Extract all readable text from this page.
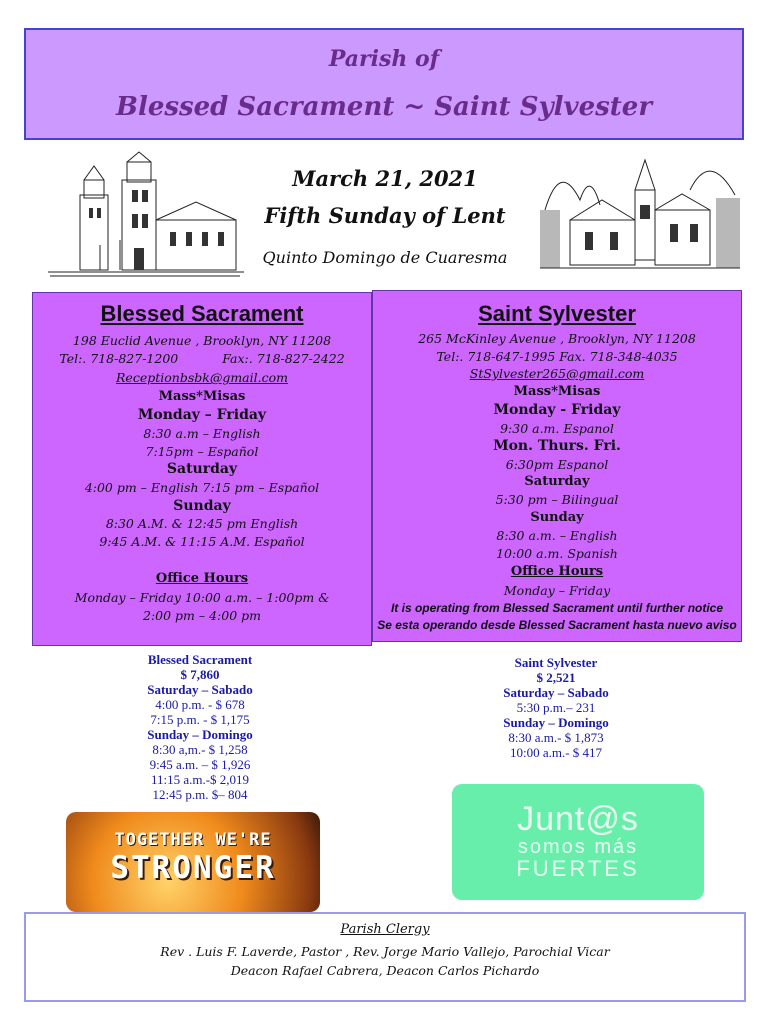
Parish of
Blessed Sacrament ~ Saint Sylvester
March 21, 2021
Fifth Sunday of Lent
Quinto Domingo de Cuaresma
Blessed Sacrament
198 Euclid Avenue , Brooklyn, NY 11208
Tel:. 718-827-1200	Fax:. 718-827-2422
Receptionbsbk@gmail.com
Mass*Misas
Monday – Friday
8:30 a.m – English
7:15pm – Español
Saturday
4:00 pm – English 7:15 pm – Español
Sunday
8:30 A.M. & 12:45 pm English
9:45 A.M. & 11:15 A.M. Español
Office Hours
Monday – Friday 10:00 a.m. – 1:00pm &
2:00 pm – 4:00 pm
Saint Sylvester
265 McKinley Avenue , Brooklyn, NY 11208
Tel:. 718-647-1995 Fax. 718-348-4035
StSylvester265@gmail.com
Mass*Misas
Monday - Friday
9:30 a.m. Espanol
Mon. Thurs. Fri.
6:30pm Espanol
Saturday
5:30 pm – Bilingual
Sunday
8:30 a.m. – English
10:00 a.m. Spanish
Office Hours
Monday – Friday
It is operating from Blessed Sacrament until further notice
Se esta operando desde Blessed Sacrament hasta nuevo aviso
Blessed Sacrament
$ 7,860
Saturday – Sabado
4:00 p.m. - $ 678
7:15 p.m. - $ 1,175
Sunday – Domingo
8:30 a,m.- $ 1,258
9:45 a.m. – $ 1,926
11:15 a.m.-$ 2,019
12:45 p.m. $– 804
Saint Sylvester
$ 2,521
Saturday – Sabado
5:30 p.m.– 231
Sunday – Domingo
8:30 a.m.- $ 1,873
10:00 a.m.- $ 417
TOGETHER WE'RE
STRONGER
Junt@s
somos más
FUERTES
Parish Clergy
Rev . Luis F. Laverde, Pastor , Rev. Jorge Mario Vallejo, Parochial Vicar
Deacon Rafael Cabrera, Deacon Carlos Pichardo
